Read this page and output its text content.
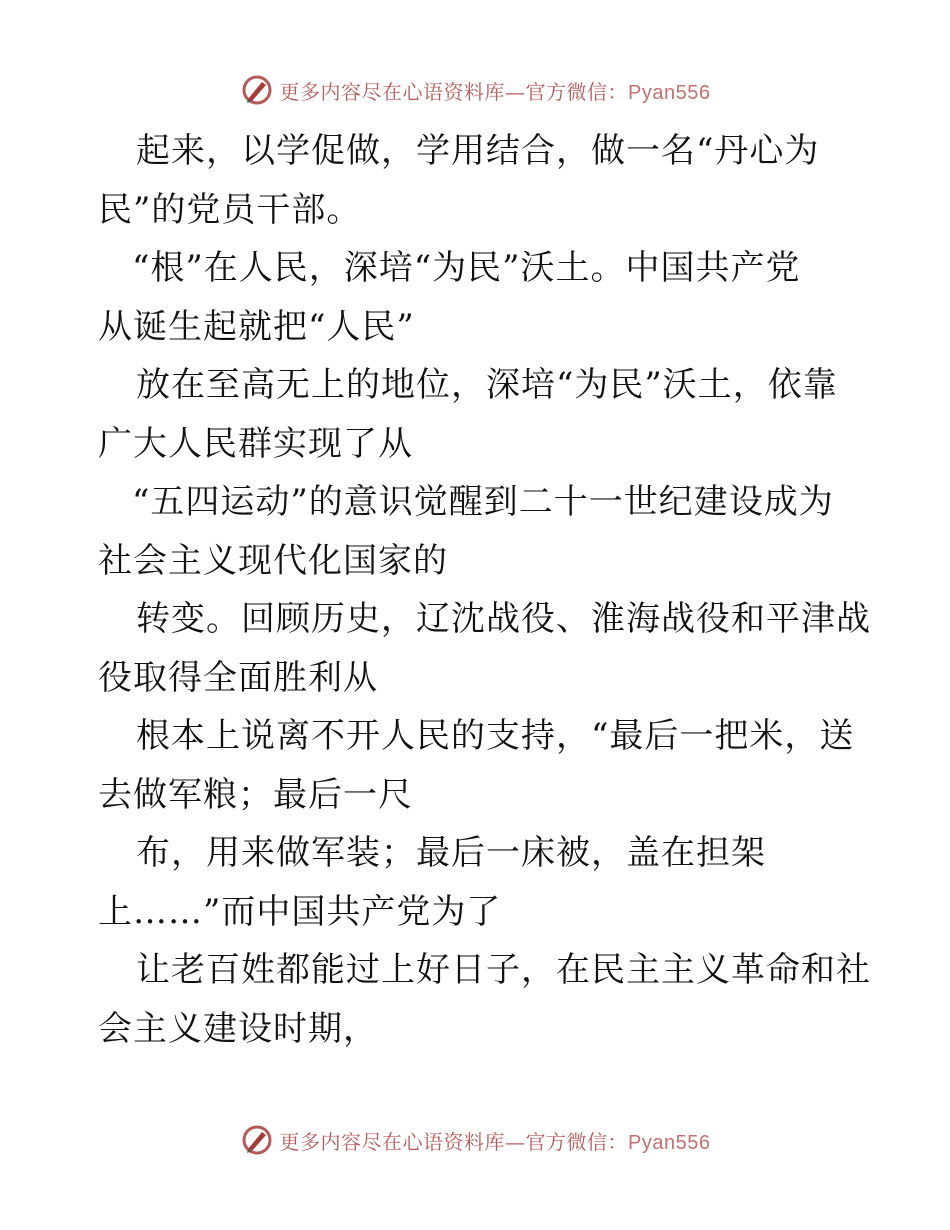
更多内容尽在心语资料库—官方微信：Pyan556
起来，以学促做，学用结合，做一名“丹心为
民”的党员干部。
“根”在人民，深培“为民”沃土。中国共产党
从诞生起就把“人民”
放在至高无上的地位，深培“为民”沃土，依靠
广大人民群实现了从
“五四运动”的意识觉醒到二十一世纪建设成为
社会主义现代化国家的
转变。回顾历史，辽沈战役、淮海战役和平津战
役取得全面胜利从
根本上说离不开人民的支持，“最后一把米，送
去做军粮；最后一尺
布，用来做军装；最后一床被，盖在担架
上……”而中国共产党为了
让老百姓都能过上好日子，在民主主义革命和社
会主义建设时期，
更多内容尽在心语资料库—官方微信：Pyan556
